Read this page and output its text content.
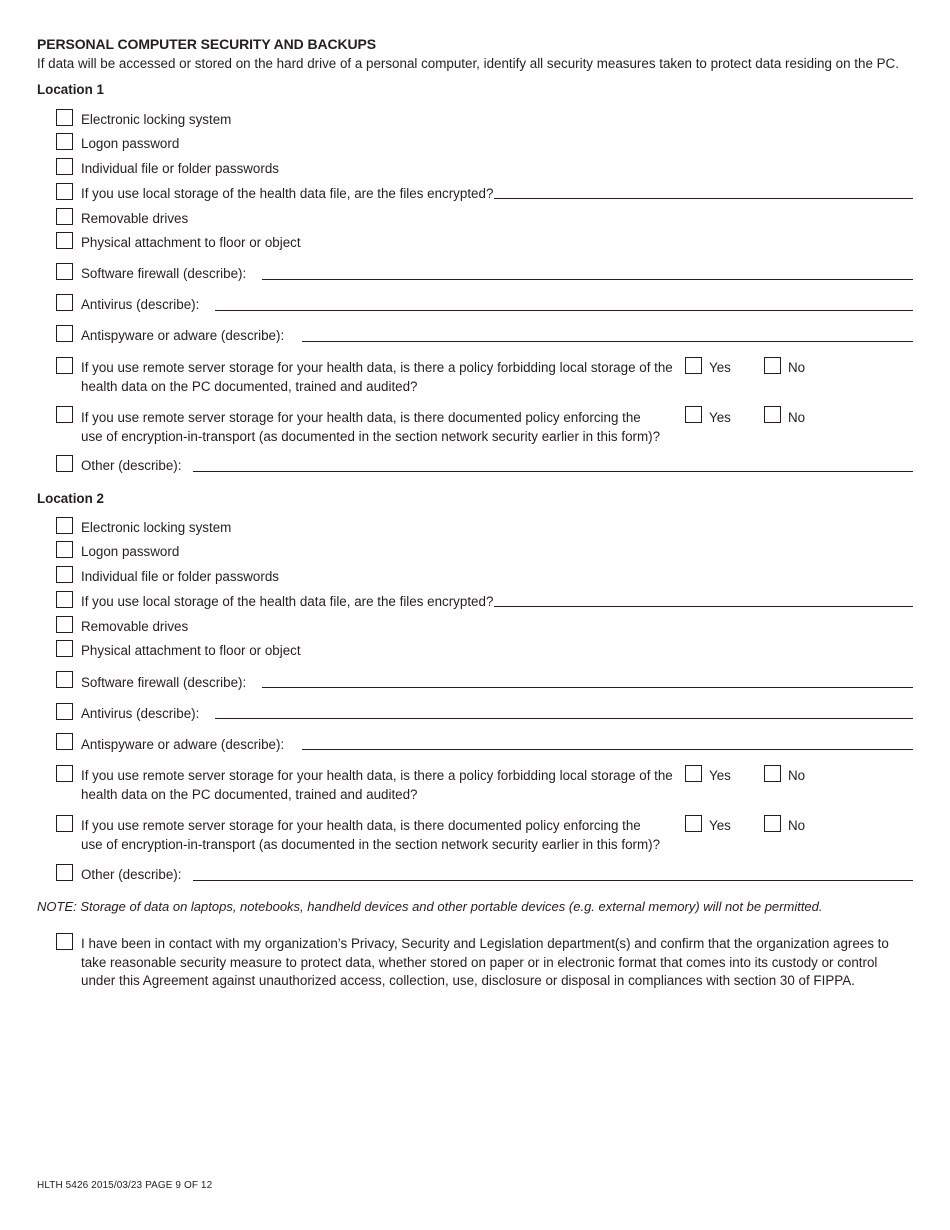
PERSONAL COMPUTER SECURITY AND BACKUPS
If data will be accessed or stored on the hard drive of a personal computer, identify all security measures taken to protect data residing on the PC.
Location 1
Electronic locking system
Logon password
Individual file or folder passwords
If you use local storage of the health data file, are the files encrypted?
Removable drives
Physical attachment to floor or object
Software firewall (describe):
Antivirus (describe):
Antispyware or adware (describe):
If you use remote server storage for your health data, is there a policy forbidding local storage of the
health data on the PC documented, trained and audited?
Yes	No
If you use remote server storage for your health data, is there documented policy enforcing the
use of encryption-in-transport (as documented in the section network security earlier in this form)?
Yes	No
Other (describe):
Location 2
Electronic locking system
Logon password
Individual file or folder passwords
If you use local storage of the health data file, are the files encrypted?
Removable drives
Physical attachment to floor or object
Software firewall (describe):
Antivirus (describe):
Antispyware or adware (describe):
If you use remote server storage for your health data, is there a policy forbidding local storage of the
health data on the PC documented, trained and audited?
Yes	No
If you use remote server storage for your health data, is there documented policy enforcing the
use of encryption-in-transport (as documented in the section network security earlier in this form)?
Yes	No
Other (describe):
NOTE: Storage of data on laptops, notebooks, handheld devices and other portable devices (e.g. external memory) will not be permitted.
I have been in contact with my organization’s Privacy, Security and Legislation department(s) and confirm that the organization agrees to take reasonable security measure to protect data, whether stored on paper or in electronic format that comes into its custody or control under this Agreement against unauthorized access, collection, use, disclosure or disposal in compliances with section 30 of FIPPA.
HLTH 5426 2015/03/23 PAGE 9 OF 12
